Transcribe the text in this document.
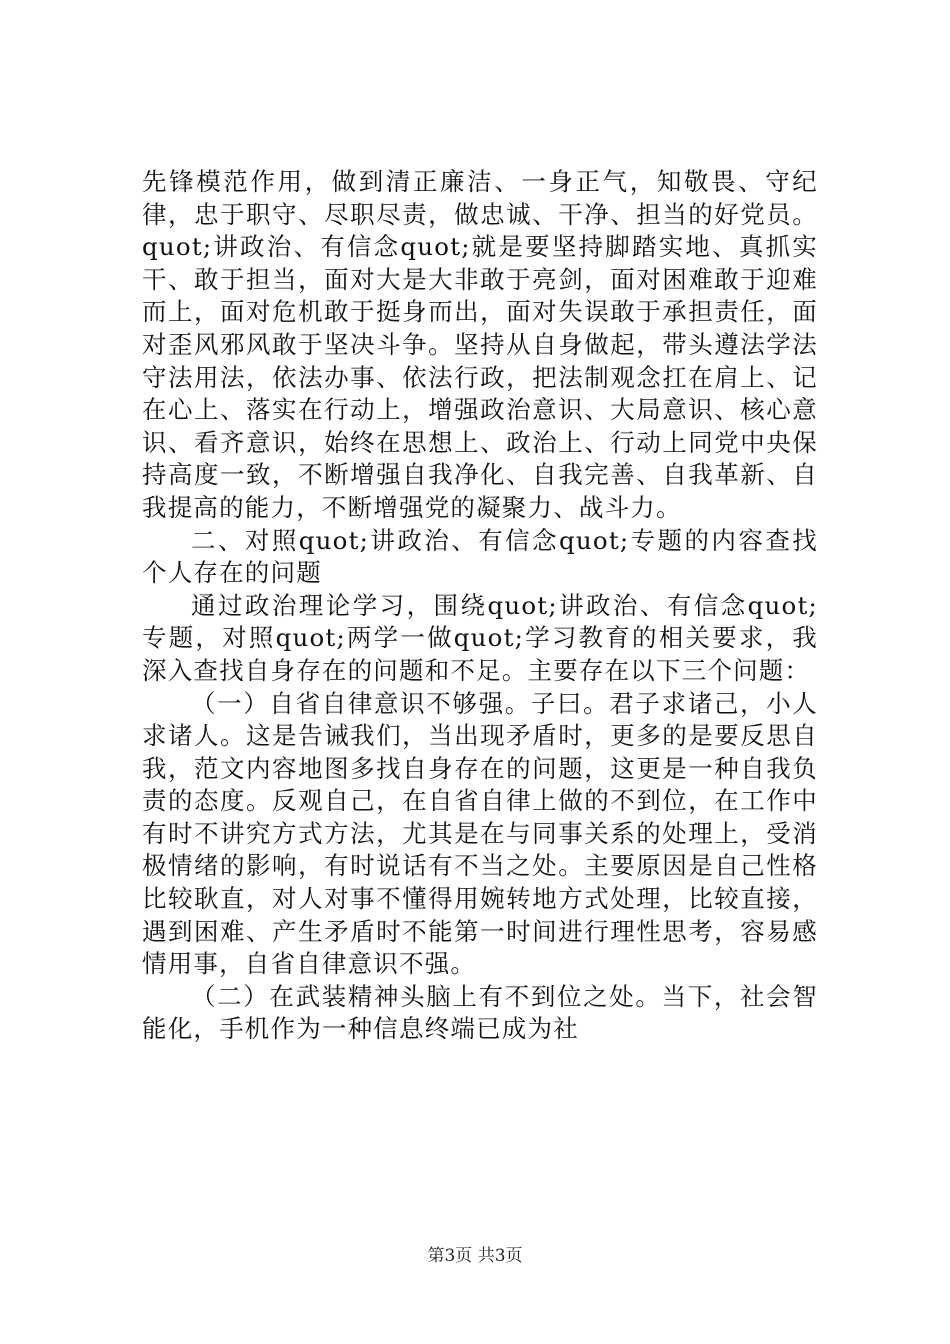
先锋模范作用，做到清正廉洁、一身正气，知敬畏、守纪律，忠于职守、尽职尽责，做忠诚、干净、担当的好党员。quot;讲政治、有信念quot;就是要坚持脚踏实地、真抓实干、敢于担当，面对大是大非敢于亮剑，面对困难敢于迎难而上，面对危机敢于挺身而出，面对失误敢于承担责任，面对歪风邪风敢于坚决斗争。坚持从自身做起，带头遵法学法守法用法，依法办事、依法行政，把法制观念扛在肩上、记在心上、落实在行动上，增强政治意识、大局意识、核心意识、看齐意识，始终在思想上、政治上、行动上同党中央保持高度一致，不断增强自我净化、自我完善、自我革新、自我提高的能力，不断增强党的凝聚力、战斗力。

二、对照quot;讲政治、有信念quot;专题的内容查找个人存在的问题

通过政治理论学习，围绕quot;讲政治、有信念quot;专题，对照quot;两学一做quot;学习教育的相关要求，我深入查找自身存在的问题和不足。主要存在以下三个问题：

（一）自省自律意识不够强。子曰。君子求诸己，小人求诸人。这是告诫我们，当出现矛盾时，更多的是要反思自我，范文内容地图多找自身存在的问题，这更是一种自我负责的态度。反观自己，在自省自律上做的不到位，在工作中有时不讲究方式方法，尤其是在与同事关系的处理上，受消极情绪的影响，有时说话有不当之处。主要原因是自己性格比较耿直，对人对事不懂得用婉转地方式处理，比较直接，遇到困难、产生矛盾时不能第一时间进行理性思考，容易感情用事，自省自律意识不强。

（二）在武装精神头脑上有不到位之处。当下，社会智能化，手机作为一种信息终端已成为社

第3页 共3页
